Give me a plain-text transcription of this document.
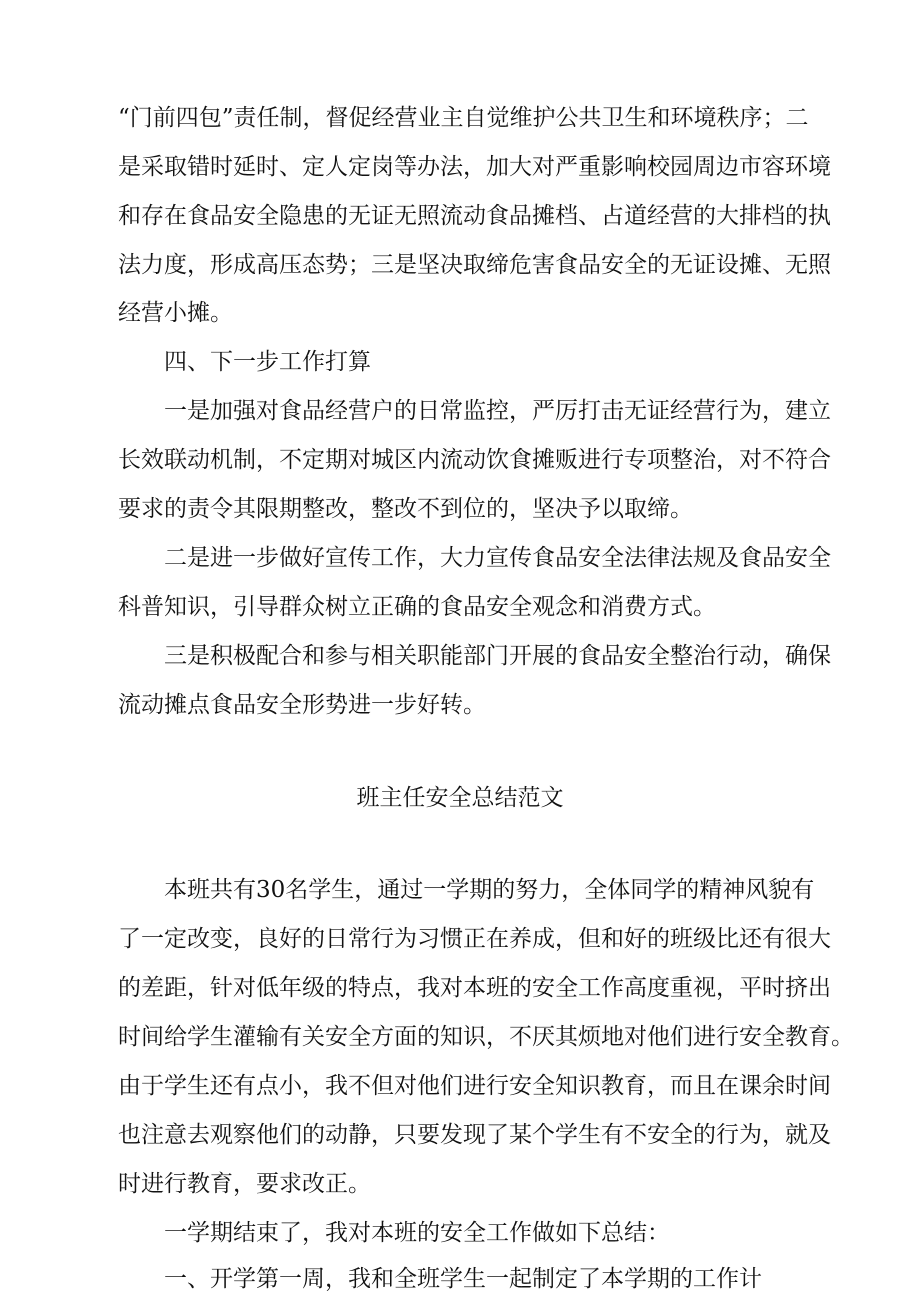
“门前四包”责任制，督促经营业主自觉维护公共卫生和环境秩序；二
是采取错时延时、定人定岗等办法，加大对严重影响校园周边市容环境
和存在食品安全隐患的无证无照流动食品摊档、占道经营的大排档的执
法力度，形成高压态势；三是坚决取缔危害食品安全的无证设摊、无照
经营小摊。
四、下一步工作打算
一是加强对食品经营户的日常监控，严厉打击无证经营行为，建立
长效联动机制，不定期对城区内流动饮食摊贩进行专项整治，对不符合
要求的责令其限期整改，整改不到位的，坚决予以取缔。
二是进一步做好宣传工作，大力宣传食品安全法律法规及食品安全
科普知识，引导群众树立正确的食品安全观念和消费方式。
三是积极配合和参与相关职能部门开展的食品安全整治行动，确保
流动摊点食品安全形势进一步好转。
班主任安全总结范文
本班共有30名学生，通过一学期的努力，全体同学的精神风貌有
了一定改变，良好的日常行为习惯正在养成，但和好的班级比还有很大
的差距，针对低年级的特点，我对本班的安全工作高度重视，平时挤出
时间给学生灌输有关安全方面的知识，不厌其烦地对他们进行安全教育。
由于学生还有点小，我不但对他们进行安全知识教育，而且在课余时间
也注意去观察他们的动静，只要发现了某个学生有不安全的行为，就及
时进行教育，要求改正。
一学期结束了，我对本班的安全工作做如下总结：
一、开学第一周，我和全班学生一起制定了本学期的工作计
